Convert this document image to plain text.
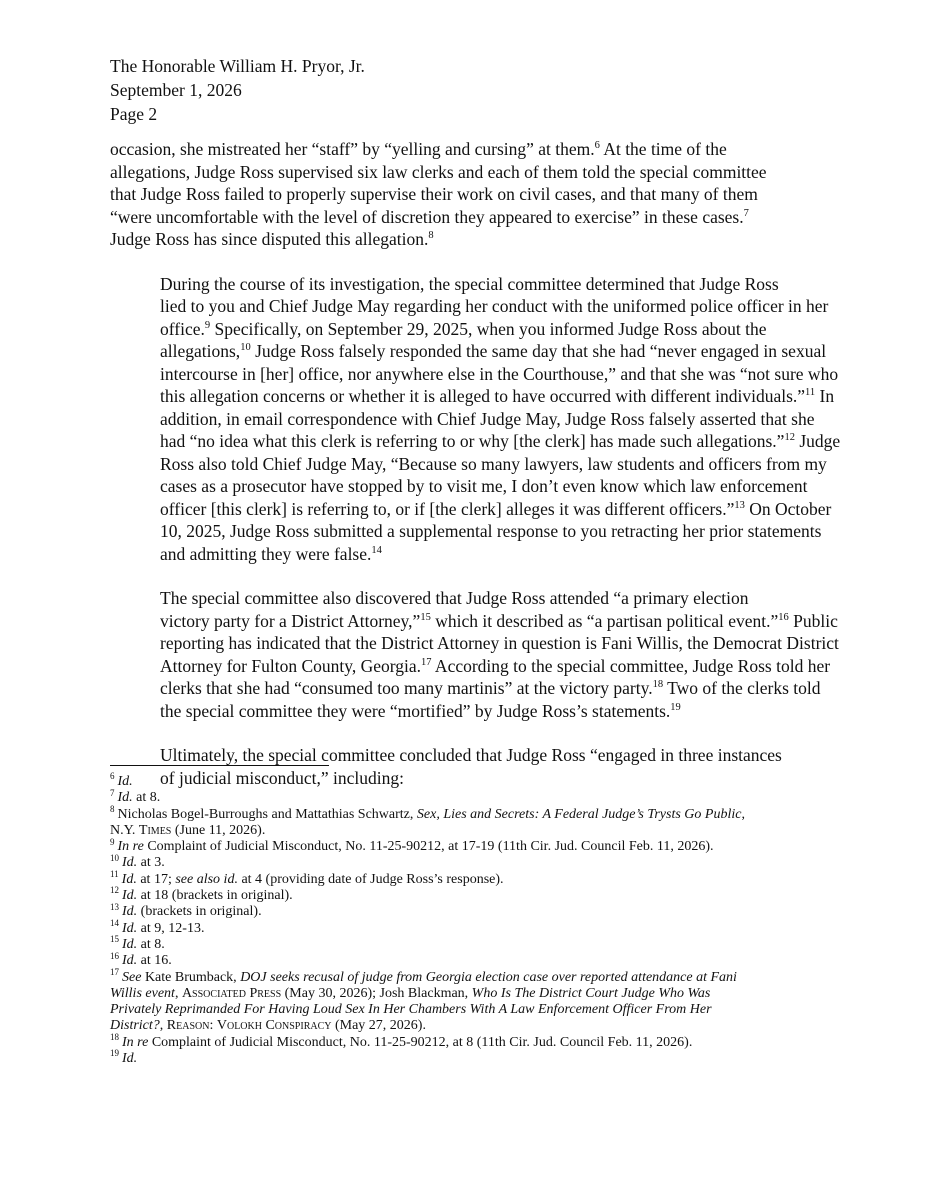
The Honorable William H. Pryor, Jr.
September 1, 2026
Page 2
occasion, she mistreated her “staff” by “yelling and cursing” at them.$^6$ At the time of the
allegations, Judge Ross supervised six law clerks and each of them told the special committee
that Judge Ross failed to properly supervise their work on civil cases, and that many of them
“were uncomfortable with the level of discretion they appeared to exercise” in these cases.$^7$
Judge Ross has since disputed this allegation.$^8$
During the course of its investigation, the special committee determined that Judge Ross
lied to you and Chief Judge May regarding her conduct with the uniformed police officer in her
office.$^9$ Specifically, on September 29, 2025, when you informed Judge Ross about the
allegations,$^{10}$ Judge Ross falsely responded the same day that she had “never engaged in sexual
intercourse in [her] office, nor anywhere else in the Courthouse,” and that she was “not sure who
this allegation concerns or whether it is alleged to have occurred with different individuals.”$^{11}$ In
addition, in email correspondence with Chief Judge May, Judge Ross falsely asserted that she
had “no idea what this clerk is referring to or why [the clerk] has made such allegations.”$^{12}$ Judge
Ross also told Chief Judge May, “Because so many lawyers, law students and officers from my
cases as a prosecutor have stopped by to visit me, I don’t even know which law enforcement
officer [this clerk] is referring to, or if [the clerk] alleges it was different officers.”$^{13}$ On October
10, 2025, Judge Ross submitted a supplemental response to you retracting her prior statements
and admitting they were false.$^{14}$
The special committee also discovered that Judge Ross attended “a primary election
victory party for a District Attorney,”$^{15}$ which it described as “a partisan political event.”$^{16}$ Public
reporting has indicated that the District Attorney in question is Fani Willis, the Democrat District
Attorney for Fulton County, Georgia.$^{17}$ According to the special committee, Judge Ross told her
clerks that she had “consumed too many martinis” at the victory party.$^{18}$ Two of the clerks told
the special committee they were “mortified” by Judge Ross’s statements.$^{19}$
Ultimately, the special committee concluded that Judge Ross “engaged in three instances
of judicial misconduct,” including:
$^6$ Id.
$^7$ Id. at 8.
$^8$ Nicholas Bogel-Burroughs and Mattathias Schwartz, Sex, Lies and Secrets: A Federal Judge’s Trysts Go Public,
N.Y. Times (June 11, 2026).
$^9$ In re Complaint of Judicial Misconduct, No. 11-25-90212, at 17-19 (11th Cir. Jud. Council Feb. 11, 2026).
$^{10}$ Id. at 3.
$^{11}$ Id. at 17; see also id. at 4 (providing date of Judge Ross’s response).
$^{12}$ Id. at 18 (brackets in original).
$^{13}$ Id. (brackets in original).
$^{14}$ Id. at 9, 12-13.
$^{15}$ Id. at 8.
$^{16}$ Id. at 16.
$^{17}$ See Kate Brumback, DOJ seeks recusal of judge from Georgia election case over reported attendance at Fani
Willis event, Associated Press (May 30, 2026); Josh Blackman, Who Is The District Court Judge Who Was
Privately Reprimanded For Having Loud Sex In Her Chambers With A Law Enforcement Officer From Her
District?, Reason: Volokh Conspiracy (May 27, 2026).
$^{18}$ In re Complaint of Judicial Misconduct, No. 11-25-90212, at 8 (11th Cir. Jud. Council Feb. 11, 2026).
$^{19}$ Id.
